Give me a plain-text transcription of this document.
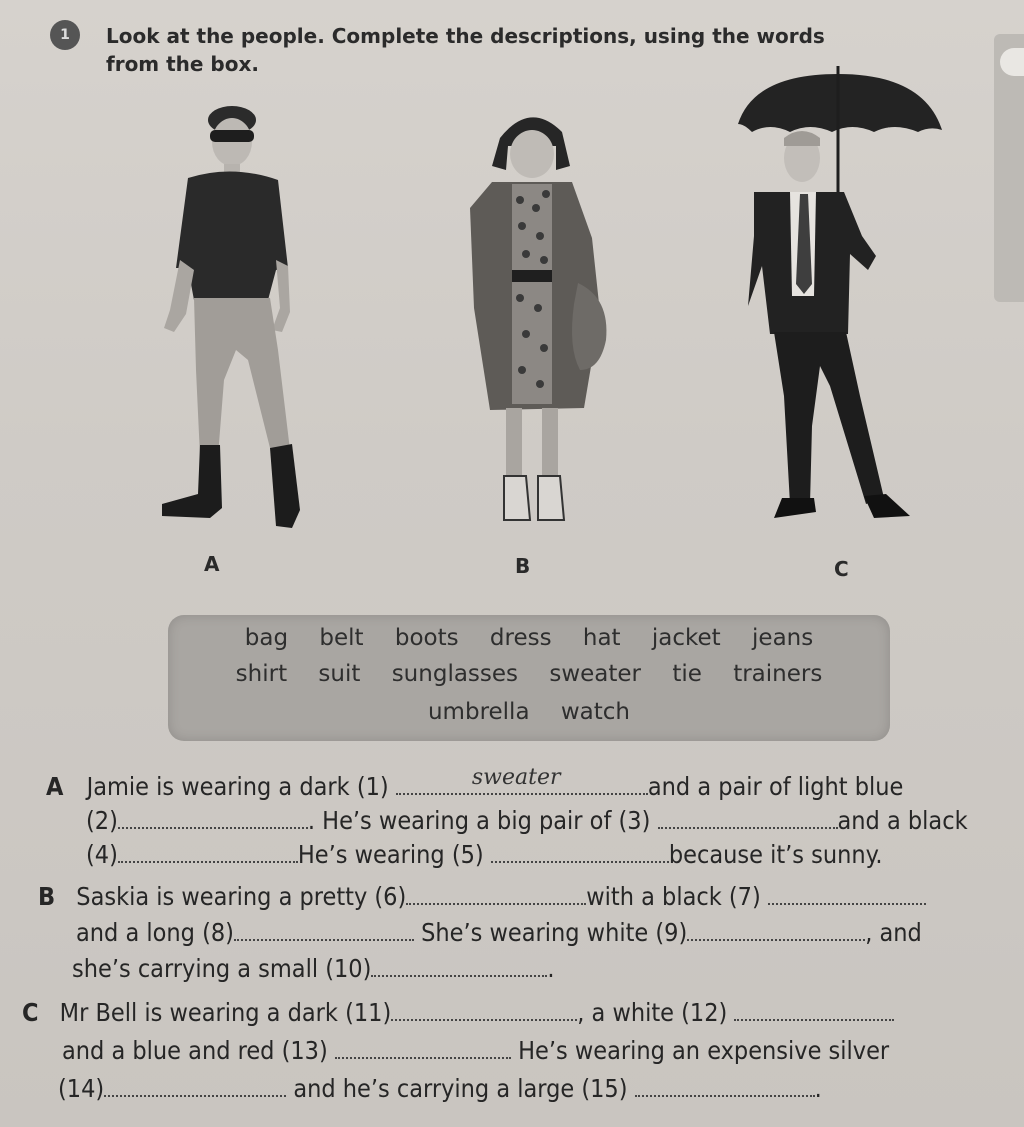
1	Look at the people. Complete the descriptions, using the words from the box.
A	B	C
bag belt boots dress hat jacket jeans
shirt suit sunglasses sweater tie trainers
umbrella watch
A Jamie is wearing a dark (1)	sweater	and a pair of light blue
(2)	. He’s wearing a big pair of (3)	and a black
(4)	He’s wearing (5)	because it’s sunny.
B Saskia is wearing a pretty (6)	with a black (7)
and a long (8)	She’s wearing white (9)	, and
she’s carrying a small (10)	.
C Mr Bell is wearing a dark (11)	, a white (12)
and a blue and red (13)	He’s wearing an expensive silver
(14)	and he’s carrying a large (15)	.
